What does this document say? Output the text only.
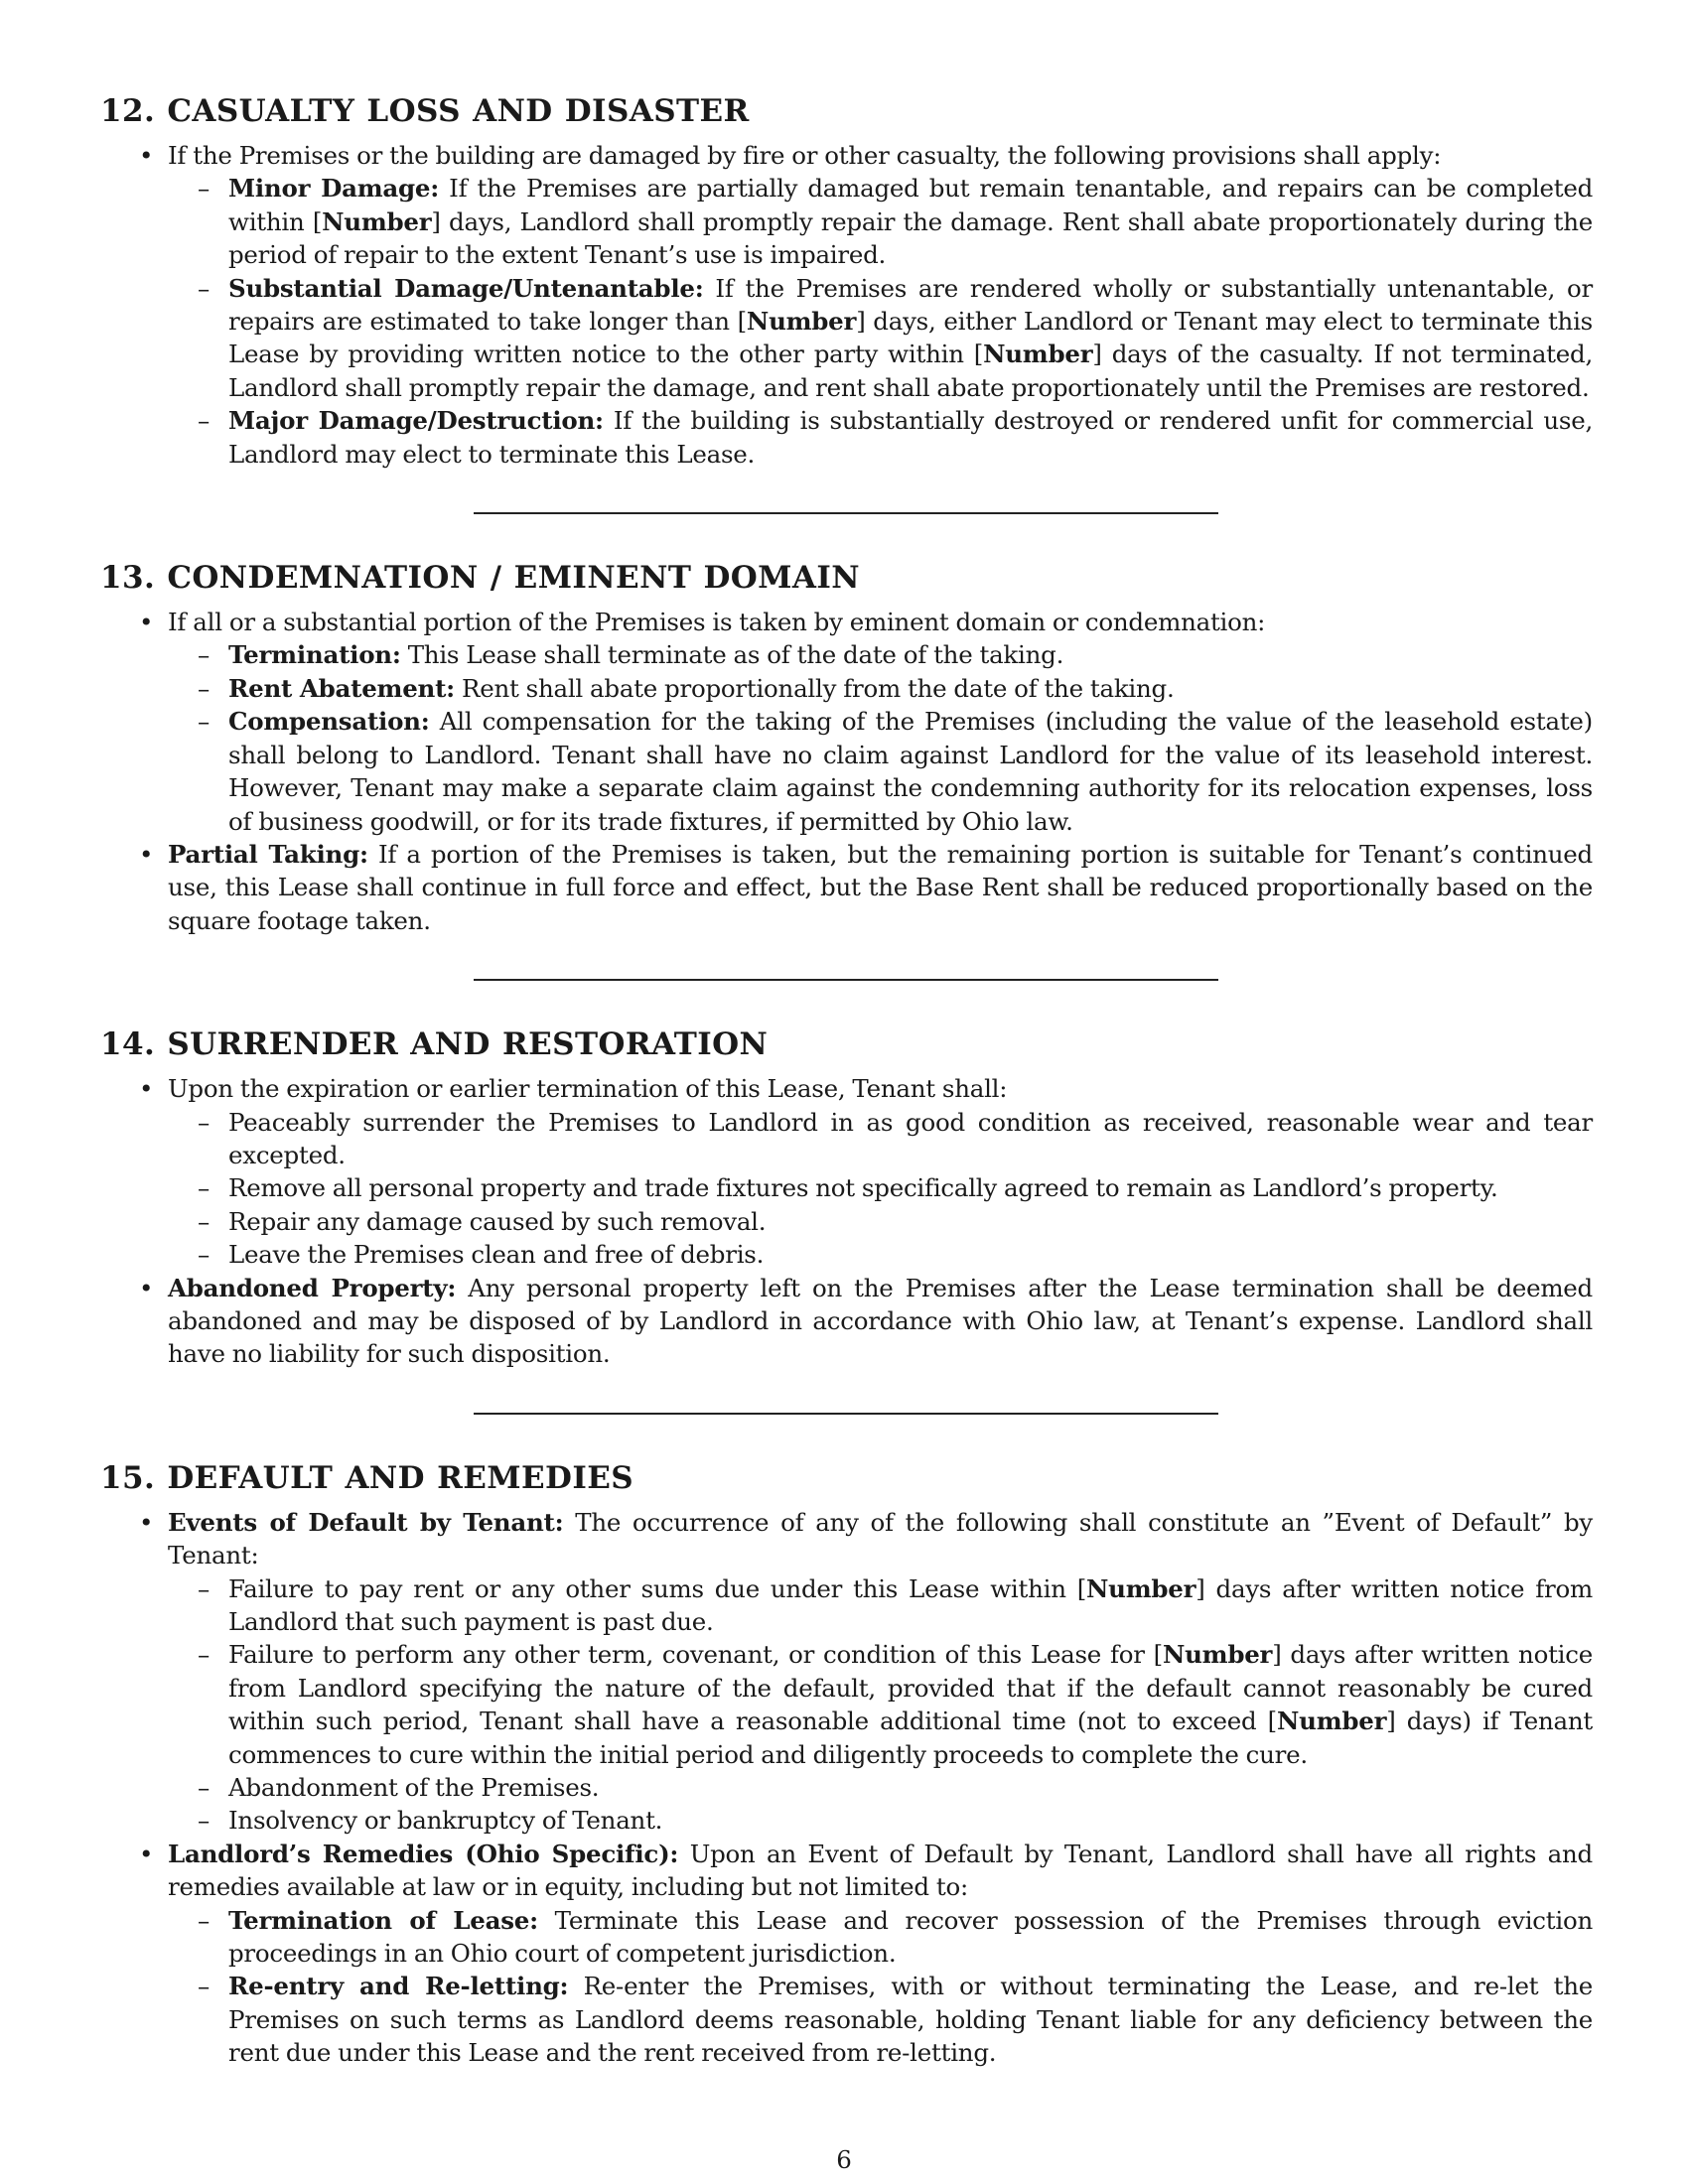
12. CASUALTY LOSS AND DISASTER
• If the Premises or the building are damaged by fire or other casualty, the following provisions shall apply:
– Minor Damage: If the Premises are partially damaged but remain tenantable, and repairs can be completed within [Number] days, Landlord shall promptly repair the damage. Rent shall abate proportionately during the period of repair to the extent Tenant’s use is impaired.
– Substantial Damage/Untenantable: If the Premises are rendered wholly or substantially untenantable, or repairs are estimated to take longer than [Number] days, either Landlord or Tenant may elect to terminate this Lease by providing written notice to the other party within [Number] days of the casualty. If not terminated, Landlord shall promptly repair the damage, and rent shall abate proportionately until the Premises are restored.
– Major Damage/Destruction: If the building is substantially destroyed or rendered unfit for commercial use, Landlord may elect to terminate this Lease.
13. CONDEMNATION / EMINENT DOMAIN
• If all or a substantial portion of the Premises is taken by eminent domain or condemnation:
– Termination: This Lease shall terminate as of the date of the taking.
– Rent Abatement: Rent shall abate proportionally from the date of the taking.
– Compensation: All compensation for the taking of the Premises (including the value of the leasehold estate) shall belong to Landlord. Tenant shall have no claim against Landlord for the value of its leasehold interest. However, Tenant may make a separate claim against the condemning authority for its relocation expenses, loss of business goodwill, or for its trade fixtures, if permitted by Ohio law.
• Partial Taking: If a portion of the Premises is taken, but the remaining portion is suitable for Tenant’s continued use, this Lease shall continue in full force and effect, but the Base Rent shall be reduced proportionally based on the square footage taken.
14. SURRENDER AND RESTORATION
• Upon the expiration or earlier termination of this Lease, Tenant shall:
– Peaceably surrender the Premises to Landlord in as good condition as received, reasonable wear and tear excepted.
– Remove all personal property and trade fixtures not specifically agreed to remain as Landlord’s property.
– Repair any damage caused by such removal.
– Leave the Premises clean and free of debris.
• Abandoned Property: Any personal property left on the Premises after the Lease termination shall be deemed abandoned and may be disposed of by Landlord in accordance with Ohio law, at Tenant’s expense. Landlord shall have no liability for such disposition.
15. DEFAULT AND REMEDIES
• Events of Default by Tenant: The occurrence of any of the following shall constitute an ”Event of Default” by Tenant:
– Failure to pay rent or any other sums due under this Lease within [Number] days after written notice from Landlord that such payment is past due.
– Failure to perform any other term, covenant, or condition of this Lease for [Number] days after written notice from Landlord specifying the nature of the default, provided that if the default cannot reasonably be cured within such period, Tenant shall have a reasonable additional time (not to exceed [Number] days) if Tenant commences to cure within the initial period and diligently proceeds to complete the cure.
– Abandonment of the Premises.
– Insolvency or bankruptcy of Tenant.
• Landlord’s Remedies (Ohio Specific): Upon an Event of Default by Tenant, Landlord shall have all rights and remedies available at law or in equity, including but not limited to:
– Termination of Lease: Terminate this Lease and recover possession of the Premises through eviction proceedings in an Ohio court of competent jurisdiction.
– Re-entry and Re-letting: Re-enter the Premises, with or without terminating the Lease, and re-let the Premises on such terms as Landlord deems reasonable, holding Tenant liable for any deficiency between the rent due under this Lease and the rent received from re-letting.
6
